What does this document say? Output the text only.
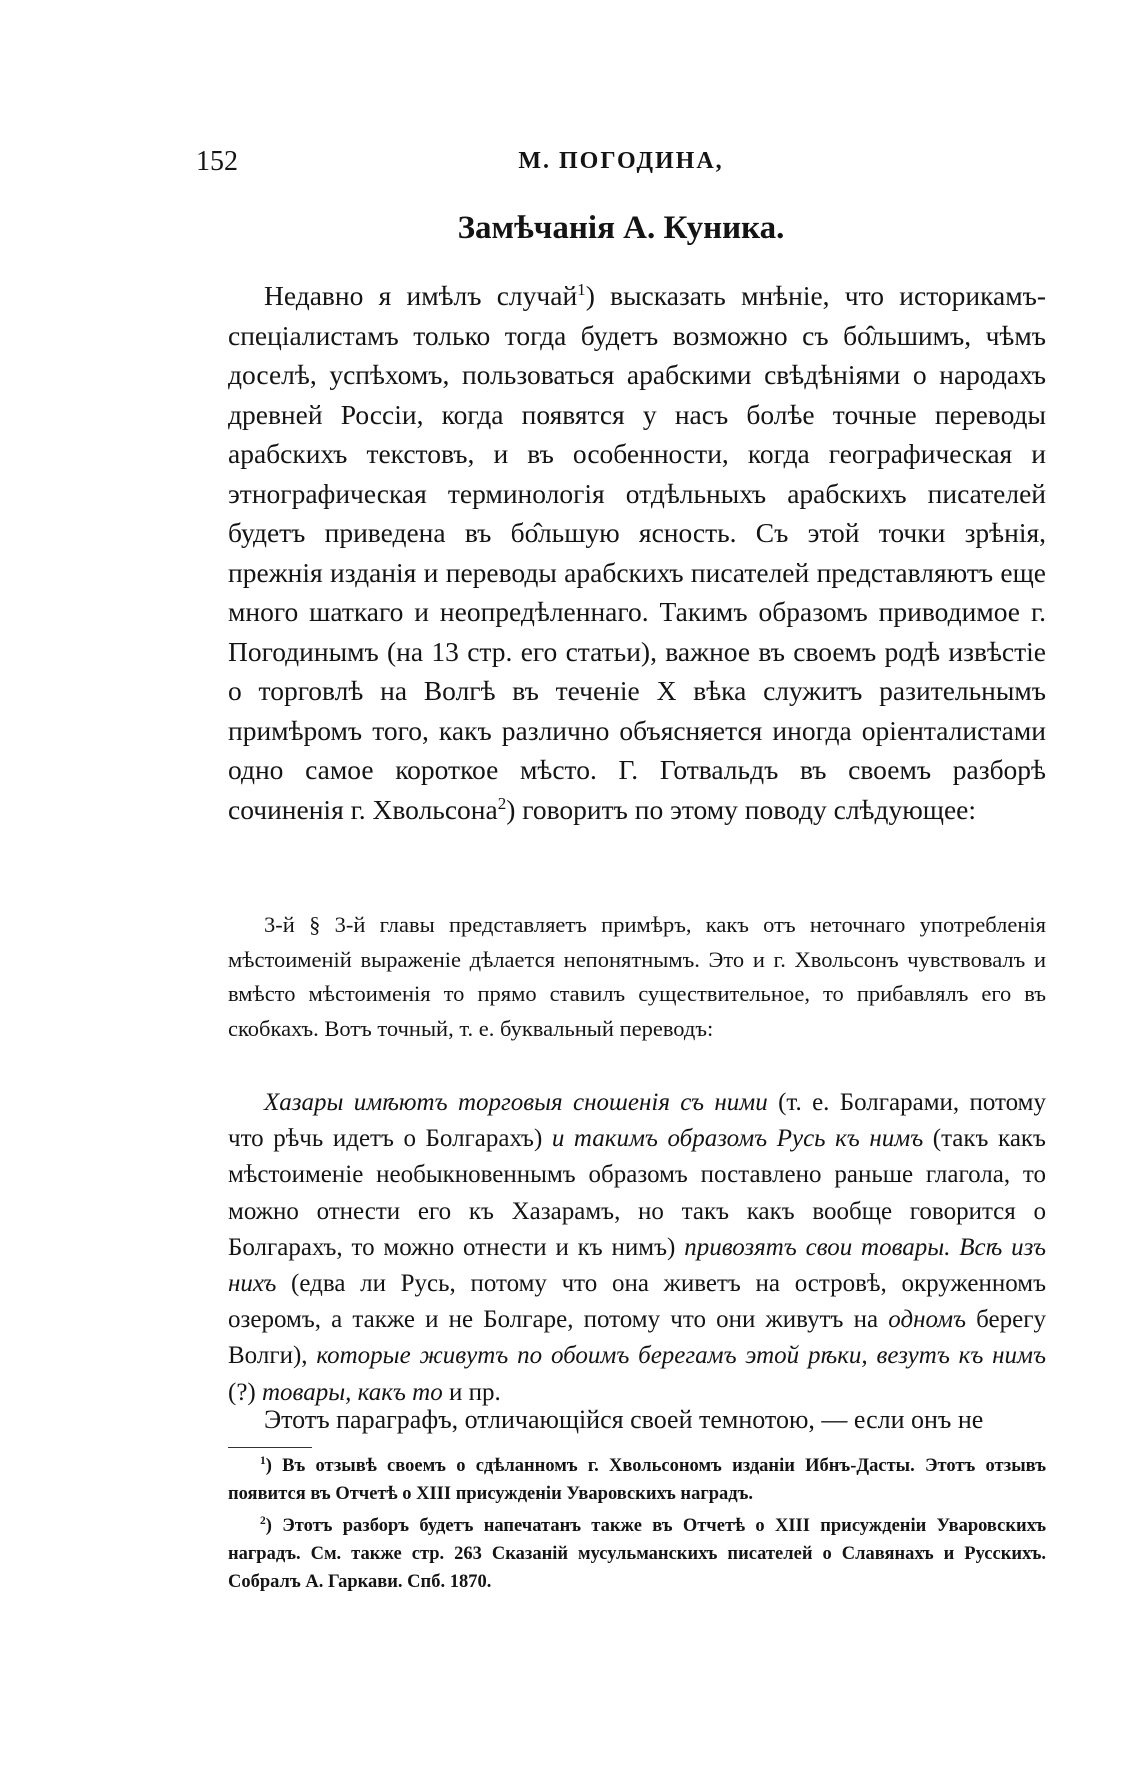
152	М. ПОГОДИНА,
Замѣчанія А. Куника.

Недавно я имѣлъ случай$^1$) высказать мнѣніе, что историкамъ-спеціалистамъ только тогда будетъ возможно съ бо̂льшимъ, чѣмъ доселѣ, успѣхомъ, пользоваться арабскими свѣдѣніями о народахъ древней Россіи, когда появятся у насъ болѣе точные переводы арабскихъ текстовъ, и въ особенности, когда географическая и этнографическая терминологія отдѣльныхъ арабскихъ писателей будетъ приведена въ бо̂льшую ясность. Съ этой точки зрѣнія, прежнія изданія и переводы арабскихъ писателей представляютъ еще много шаткаго и неопредѣленнаго. Такимъ образомъ приводимое г. Погодинымъ (на 13 стр. его статьи), важное въ своемъ родѣ извѣстіе о торговлѣ на Волгѣ въ теченіе X вѣка служитъ разительнымъ примѣромъ того, какъ различно объясняется иногда оріенталистами одно самое короткое мѣсто. Г. Готвальдъ въ своемъ разборѣ сочиненія г. Хвольсона$^2$) говоритъ по этому поводу слѣдующее:

3-й § 3-й главы представляетъ примѣръ, какъ отъ неточнаго употребленія мѣстоименій выраженіе дѣлается непонятнымъ. Это и г. Хвольсонъ чувствовалъ и вмѣсто мѣстоименія то прямо ставилъ существительное, то прибавлялъ его въ скобкахъ. Вотъ точный, т. е. буквальный переводъ:

Хазары имѣютъ торговыя сношенія съ ними (т. е. Болгарами, потому что рѣчь идетъ о Болгарахъ) и такимъ образомъ Русь къ нимъ (такъ какъ мѣстоименіе необыкновеннымъ образомъ поставлено раньше глагола, то можно отнести его къ Хазарамъ, но такъ какъ вообще говорится о Болгарахъ, то можно отнести и къ нимъ) привозятъ свои товары. Всѣ изъ нихъ (едва ли Русь, потому что она живетъ на островѣ, окруженномъ озеромъ, а также и не Болгаре, потому что они живутъ на одномъ берегу Волги), которые живутъ по обоимъ берегамъ этой рѣки, везутъ къ нимъ (?) товары, какъ то и пр.

Этотъ параграфъ, отличающійся своей темнотою, — если онъ не

$^1$) Въ отзывѣ своемъ о сдѣланномъ г. Хвольсономъ изданіи Ибнъ-Дасты. Этотъ отзывъ появится въ Отчетѣ о XIII присужденіи Уваровскихъ наградъ.

$^2$) Этотъ разборъ будетъ напечатанъ также въ Отчетѣ о XIII присужденіи Уваровскихъ наградъ. См. также стр. 263 Сказаній мусульманскихъ писателей о Славянахъ и Русскихъ. Собралъ А. Гаркави. Спб. 1870.
